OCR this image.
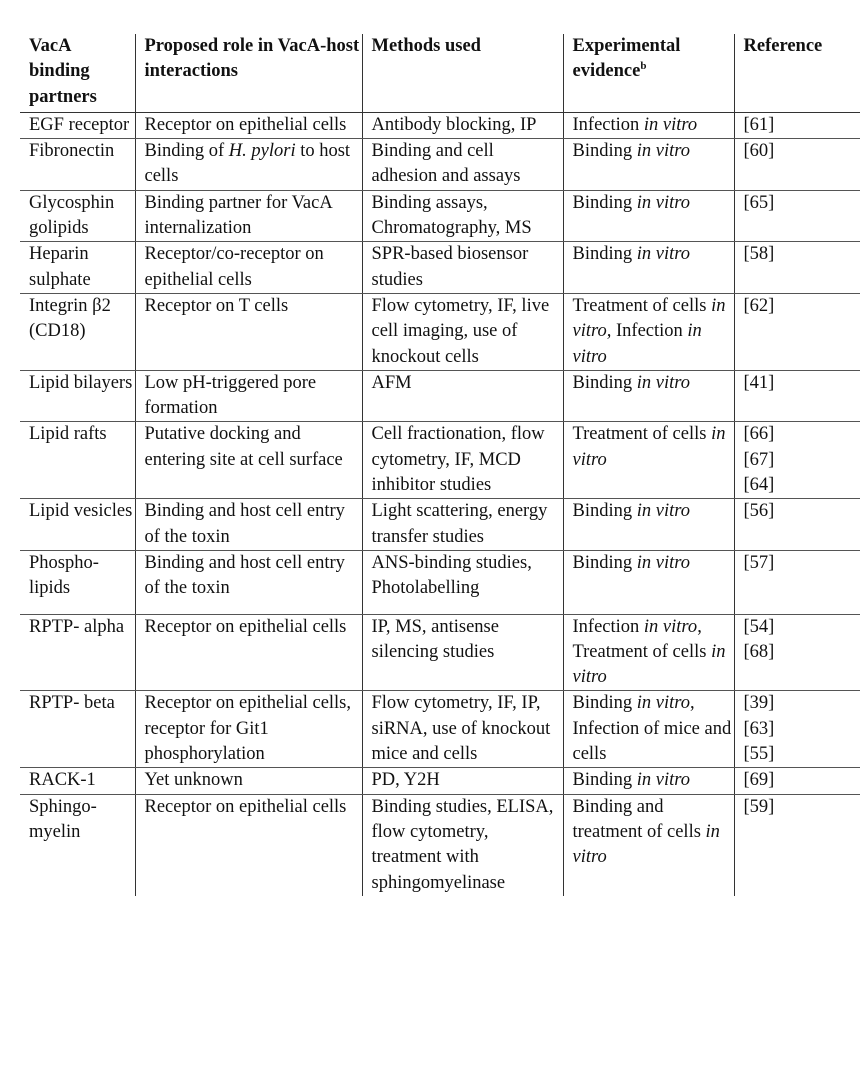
VacA binding partners	Proposed role in VacA-host interactions	Methods used	Experimental evidence$^b$	Reference
EGF receptor	Receptor on epithelial cells	Antibody blocking, IP	Infection in vitro	[61]

Fibronectin	Binding of H. pylori to host cells	Binding and cell adhesion and assays	Binding in vitro	[60]

Glycosphin golipids	Binding partner for VacA internalization	Binding assays, Chromatography, MS	Binding in vitro	[65]

Heparin sulphate	Receptor/co-receptor on epithelial cells	SPR-based biosensor studies	Binding in vitro	[58]

Integrin β2 (CD18)	Receptor on T cells	Flow cytometry, IF, live cell imaging, use of knockout cells	Treatment of cells in vitro, Infection in vitro	[62]

Lipid bilayers	Low pH-triggered pore formation	AFM	Binding in vitro	[41]

Lipid rafts	Putative docking and entering site at cell surface	Cell fractionation, flow cytometry, IF, MCD inhibitor studies	Treatment of cells in vitro	[66]
[67]
[64]

Lipid vesicles	Binding and host cell entry of the toxin	Light scattering, energy transfer studies	Binding in vitro	[56]

Phospho- lipids	Binding and host cell entry of the toxin	ANS-binding studies, Photolabelling	Binding in vitro	[57]

RPTP- alpha	Receptor on epithelial cells	IP, MS, antisense silencing studies	Infection in vitro, Treatment of cells in vitro	[54]
[68]

RPTP- beta	Receptor on epithelial cells, receptor for Git1 phosphorylation	Flow cytometry, IF, IP, siRNA, use of knockout mice and cells	Binding in vitro, Infection of mice and cells	[39]
[63]
[55]

RACK-1	Yet unknown	PD, Y2H	Binding in vitro	[69]

Sphingo- myelin	Receptor on epithelial cells	Binding studies, ELISA, flow cytometry, treatment with sphingomyelinase	Binding and treatment of cells in vitro	[59]
